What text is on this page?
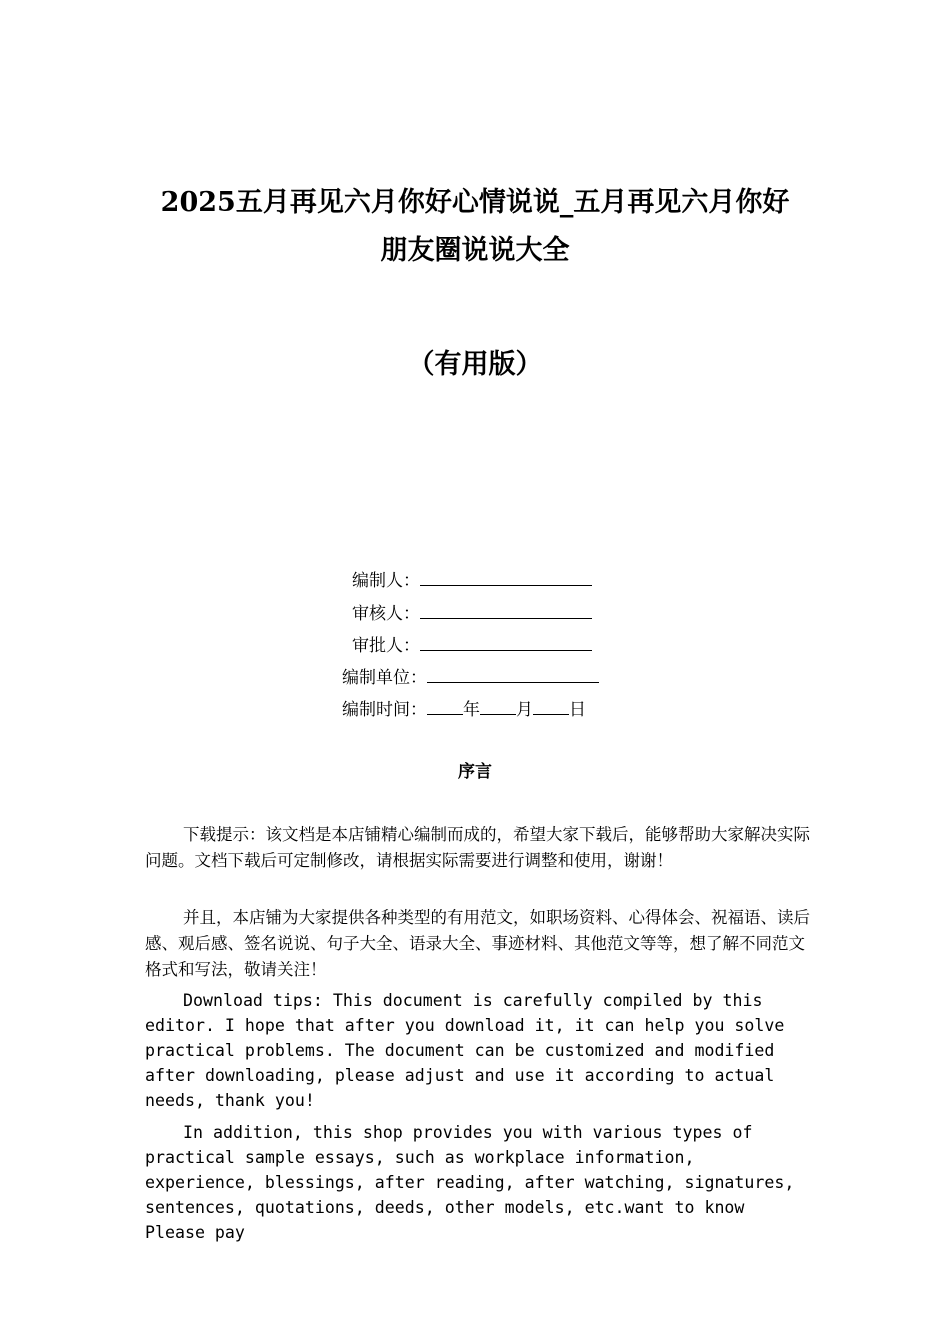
2025五月再见六月你好心情说说_五月再见六月你好
朋友圈说说大全
（有用版）
编制人：
审核人：
审批人：
编制单位：
编制时间： 年 月 日
序言

下载提示：该文档是本店铺精心编制而成的，希望大家下载后，能够帮助大家解决实际问题。文档下载后可定制修改，请根据实际需要进行调整和使用，谢谢！

并且，本店铺为大家提供各种类型的有用范文，如职场资料、心得体会、祝福语、读后感、观后感、签名说说、句子大全、语录大全、事迹材料、其他范文等等，想了解不同范文格式和写法，敬请关注！

Download tips: This document is carefully compiled by this editor. I hope that after you download it, it can help you solve practical problems. The document can be customized and modified after downloading, please adjust and use it according to actual needs, thank you!

In addition, this shop provides you with various types of practical sample essays, such as workplace information, experience, blessings, after reading, after watching, signatures, sentences, quotations, deeds, other models, etc.want to know Please pay
